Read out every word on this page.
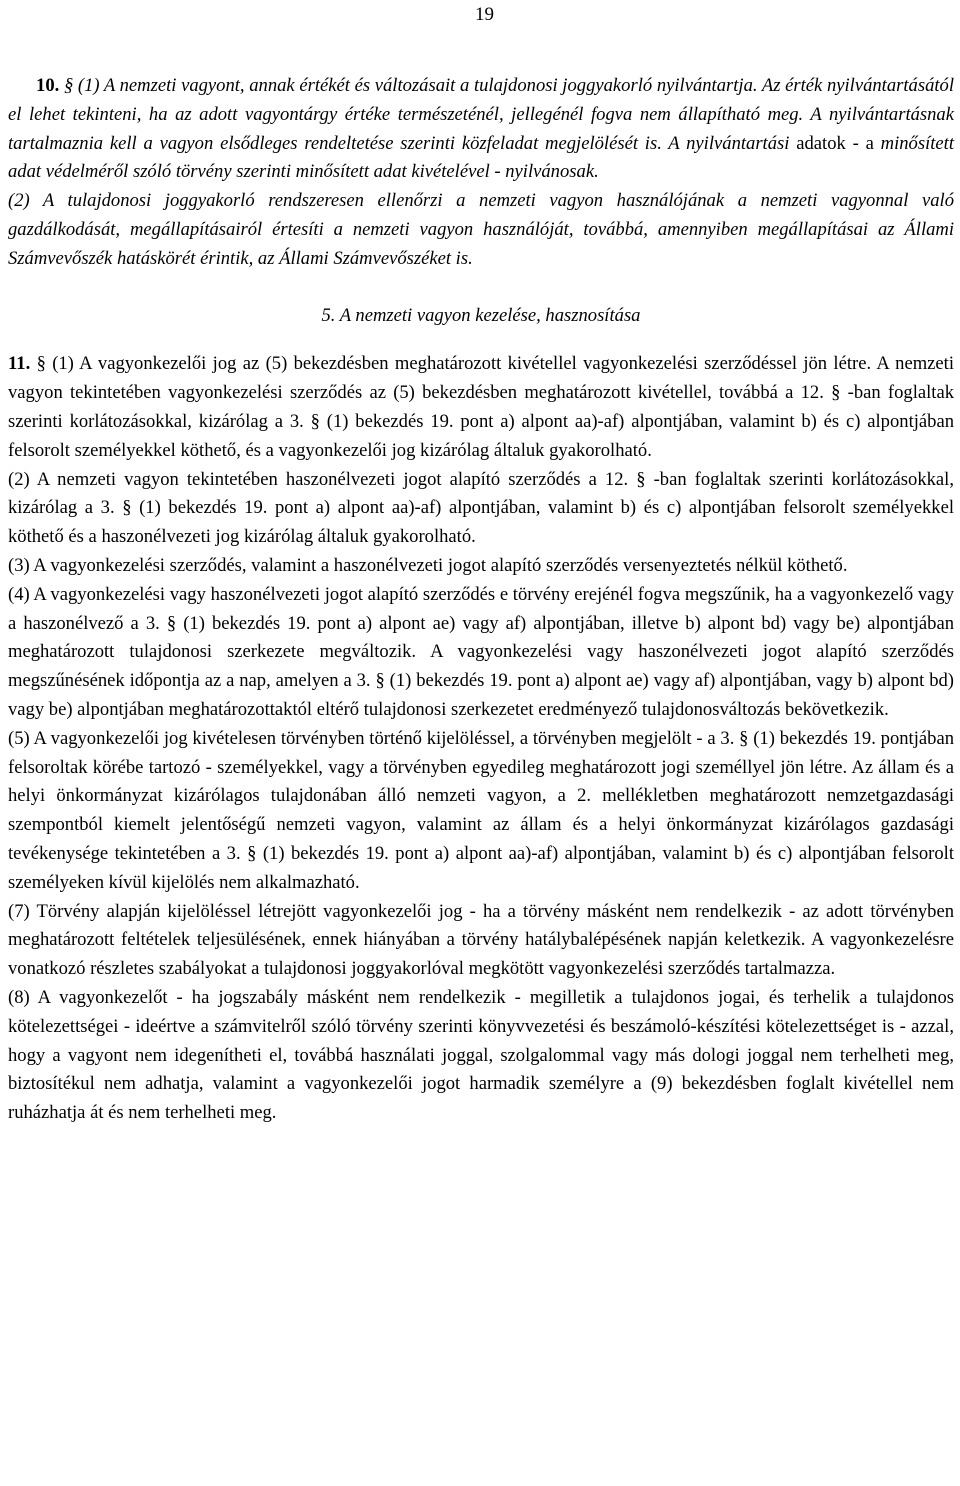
19

10. § (1) A nemzeti vagyont, annak értékét és változásait a tulajdonosi joggyakorló nyilvántartja. Az érték nyilvántartásától el lehet tekinteni, ha az adott vagyontárgy értéke természeténél, jellegénél fogva nem állapítható meg. A nyilvántartásnak tartalmaznia kell a vagyon elsődleges rendeltetése szerinti közfeladat megjelölését is. A nyilvántartási adatok - a minősített adat védelméről szóló törvény szerinti minősített adat kivételével - nyilvánosak.

(2) A tulajdonosi joggyakorló rendszeresen ellenőrzi a nemzeti vagyon használójának a nemzeti vagyonnal való gazdálkodását, megállapításairól értesíti a nemzeti vagyon használóját, továbbá, amennyiben megállapításai az Állami Számvevőszék hatáskörét érintik, az Állami Számvevőszéket is.

5. A nemzeti vagyon kezelése, hasznosítása

11. § (1) A vagyonkezelői jog az (5) bekezdésben meghatározott kivétellel vagyonkezelési szerződéssel jön létre. A nemzeti vagyon tekintetében vagyonkezelési szerződés az (5) bekezdésben meghatározott kivétellel, továbbá a 12. § -ban foglaltak szerinti korlátozásokkal, kizárólag a 3. § (1) bekezdés 19. pont a) alpont aa)-af) alpontjában, valamint b) és c) alpontjában felsorolt személyekkel köthető, és a vagyonkezelői jog kizárólag általuk gyakorolható.

(2) A nemzeti vagyon tekintetében haszonélvezeti jogot alapító szerződés a 12. § -ban foglaltak szerinti korlátozásokkal, kizárólag a 3. § (1) bekezdés 19. pont a) alpont aa)-af) alpontjában, valamint b) és c) alpontjában felsorolt személyekkel köthető és a haszonélvezeti jog kizárólag általuk gyakorolható.

(3) A vagyonkezelési szerződés, valamint a haszonélvezeti jogot alapító szerződés versenyeztetés nélkül köthető.

(4) A vagyonkezelési vagy haszonélvezeti jogot alapító szerződés e törvény erejénél fogva megszűnik, ha a vagyonkezelő vagy a haszonélvező a 3. § (1) bekezdés 19. pont a) alpont ae) vagy af) alpontjában, illetve b) alpont bd) vagy be) alpontjában meghatározott tulajdonosi szerkezete megváltozik. A vagyonkezelési vagy haszonélvezeti jogot alapító szerződés megszűnésének időpontja az a nap, amelyen a 3. § (1) bekezdés 19. pont a) alpont ae) vagy af) alpontjában, vagy b) alpont bd) vagy be) alpontjában meghatározottaktól eltérő tulajdonosi szerkezetet eredményező tulajdonosváltozás bekövetkezik.

(5) A vagyonkezelői jog kivételesen törvényben történő kijelöléssel, a törvényben megjelölt - a 3. § (1) bekezdés 19. pontjában felsoroltak körébe tartozó - személyekkel, vagy a törvényben egyedileg meghatározott jogi személlyel jön létre. Az állam és a helyi önkormányzat kizárólagos tulajdonában álló nemzeti vagyon, a 2. mellékletben meghatározott nemzetgazdasági szempontból kiemelt jelentőségű nemzeti vagyon, valamint az állam és a helyi önkormányzat kizárólagos gazdasági tevékenysége tekintetében a 3. § (1) bekezdés 19. pont a) alpont aa)-af) alpontjában, valamint b) és c) alpontjában felsorolt személyeken kívül kijelölés nem alkalmazható.

(7) Törvény alapján kijelöléssel létrejött vagyonkezelői jog - ha a törvény másként nem rendelkezik - az adott törvényben meghatározott feltételek teljesülésének, ennek hiányában a törvény hatálybalépésének napján keletkezik. A vagyonkezelésre vonatkozó részletes szabályokat a tulajdonosi joggyakorlóval megkötött vagyonkezelési szerződés tartalmazza.

(8) A vagyonkezelőt - ha jogszabály másként nem rendelkezik - megilletik a tulajdonos jogai, és terhelik a tulajdonos kötelezettségei - ideértve a számvitelről szóló törvény szerinti könyvvezetési és beszámoló-készítési kötelezettséget is - azzal, hogy a vagyont nem idegenítheti el, továbbá használati joggal, szolgalommal vagy más dologi joggal nem terhelheti meg, biztosítékul nem adhatja, valamint a vagyonkezelői jogot harmadik személyre a (9) bekezdésben foglalt kivétellel nem ruházhatja át és nem terhelheti meg.
